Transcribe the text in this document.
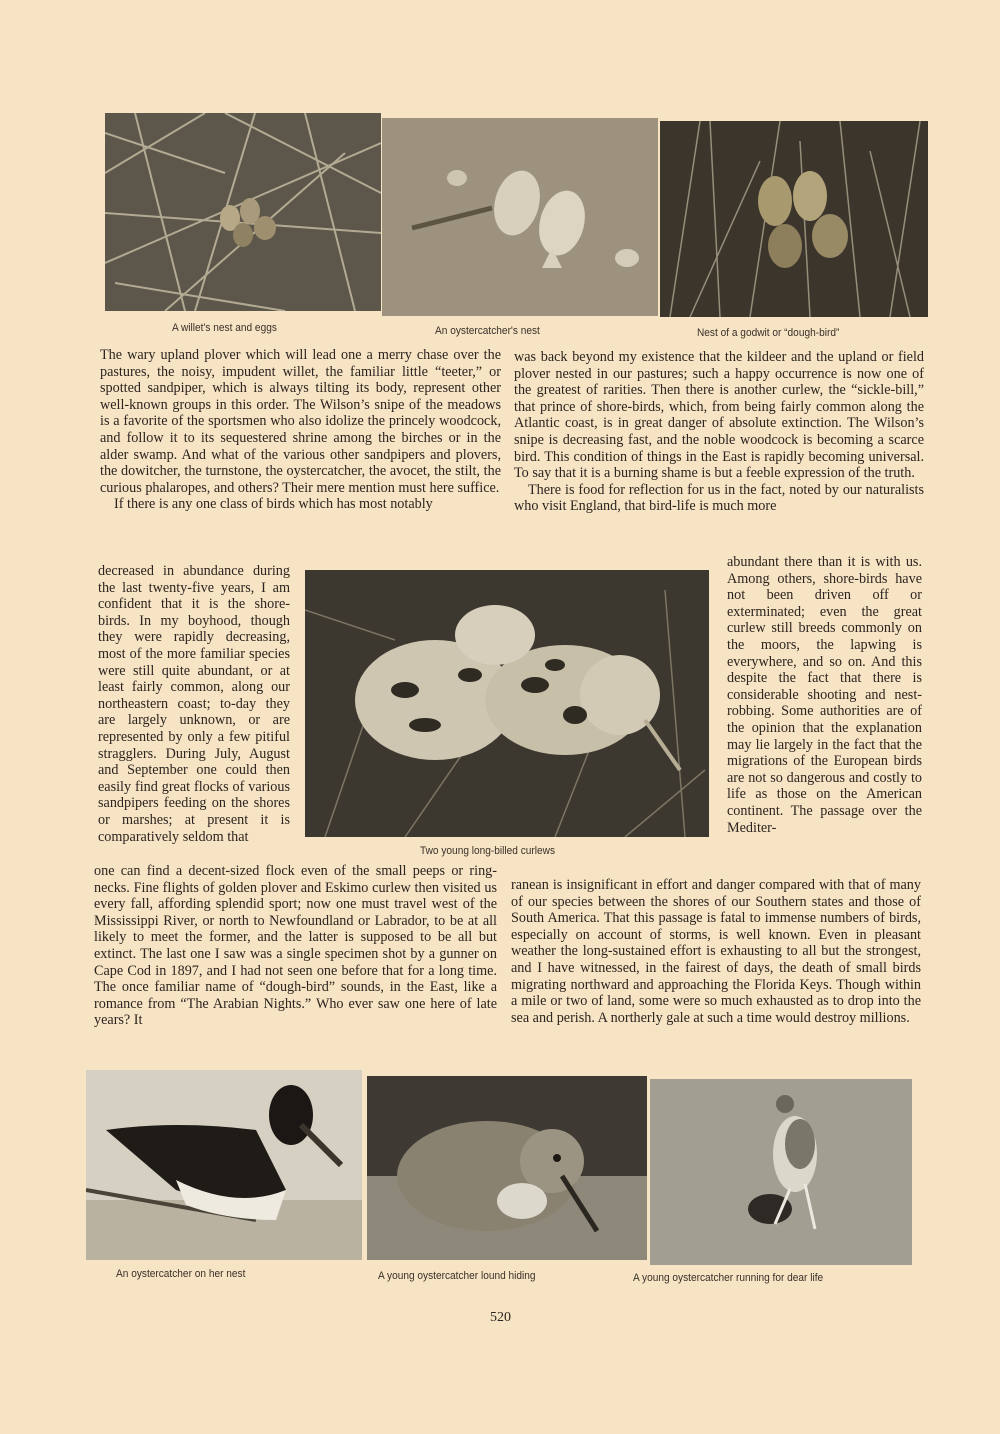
A willet's nest and eggs	An oystercatcher's nest	Nest of a godwit or “dough-bird”

The wary upland plover which will lead one a merry chase over the pastures, the noisy, impudent willet, the familiar little “teeter,” or spotted sandpiper, which is always tilting its body, represent other well-known groups in this order. The Wilson’s snipe of the meadows is a favorite of the sportsmen who also idolize the princely woodcock, and follow it to its sequestered shrine among the birches or in the alder swamp. And what of the various other sandpipers and plovers, the dowitcher, the turnstone, the oystercatcher, the avocet, the stilt, the curious phalaropes, and others? Their mere mention must here suffice.

If there is any one class of birds which has most notably

decreased in abundance during the last twenty-five years, I am confident that it is the shore-birds. In my boyhood, though they were rapidly decreasing, most of the more familiar species were still quite abundant, or at least fairly common, along our northeastern coast; to-day they are largely unknown, or are represented by only a few pitiful stragglers. During July, August and September one could then easily find great flocks of various sandpipers feeding on the shores or marshes; at present it is comparatively seldom that

one can find a decent-sized flock even of the small peeps or ring-necks. Fine flights of golden plover and Eskimo curlew then visited us every fall, affording splendid sport; now one must travel west of the Mississippi River, or north to Newfoundland or Labrador, to be at all likely to meet the former, and the latter is supposed to be all but extinct. The last one I saw was a single specimen shot by a gunner on Cape Cod in 1897, and I had not seen one before that for a long time. The once familiar name of “dough-bird” sounds, in the East, like a romance from “The Arabian Nights.” Who ever saw one here of late years? It

Two young long-billed curlews

was back beyond my existence that the kildeer and the upland or field plover nested in our pastures; such a happy occurrence is now one of the greatest of rarities. Then there is another curlew, the “sickle-bill,” that prince of shore-birds, which, from being fairly common along the Atlantic coast, is in great danger of absolute extinction. The Wilson’s snipe is decreasing fast, and the noble woodcock is becoming a scarce bird. This condition of things in the East is rapidly becoming universal. To say that it is a burning shame is but a feeble expression of the truth.

There is food for reflection for us in the fact, noted by our naturalists who visit England, that bird-life is much more

abundant there than it is with us. Among others, shore-birds have not been driven off or exterminated; even the great curlew still breeds commonly on the moors, the lapwing is everywhere, and so on. And this despite the fact that there is considerable shooting and nest-robbing. Some authorities are of the opinion that the explanation may lie largely in the fact that the migrations of the European birds are not so dangerous and costly to life as those on the American continent. The passage over the Mediter-

ranean is insignificant in effort and danger compared with that of many of our species between the shores of our Southern states and those of South America. That this passage is fatal to immense numbers of birds, especially on account of storms, is well known. Even in pleasant weather the long-sustained effort is exhausting to all but the strongest, and I have witnessed, in the fairest of days, the death of small birds migrating northward and approaching the Florida Keys. Though within a mile or two of land, some were so much exhausted as to drop into the sea and perish. A northerly gale at such a time would destroy millions.

An oystercatcher on her nest	A young oystercatcher lound hiding	A young oystercatcher running for dear life
520
